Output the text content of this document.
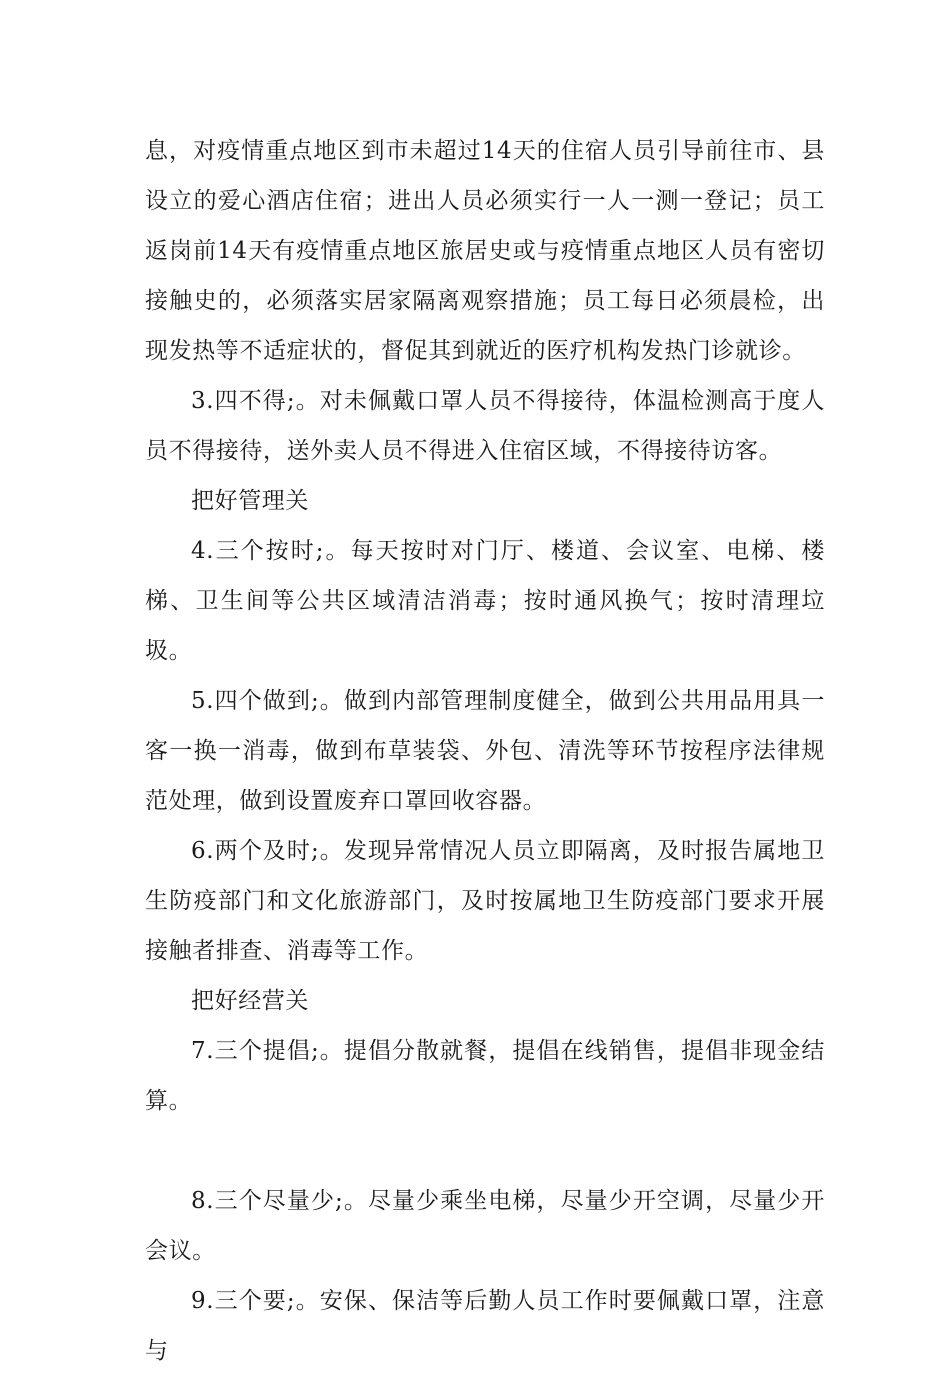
息，对疫情重点地区到市未超过14天的住宿人员引导前往市、县设立的爱心酒店住宿；进出人员必须实行一人一测一登记；员工返岗前14天有疫情重点地区旅居史或与疫情重点地区人员有密切接触史的，必须落实居家隔离观察措施；员工每日必须晨检，出现发热等不适症状的，督促其到就近的医疗机构发热门诊就诊。

3.四不得;。对未佩戴口罩人员不得接待，体温检测高于度人员不得接待，送外卖人员不得进入住宿区域，不得接待访客。

把好管理关

4.三个按时;。每天按时对门厅、楼道、会议室、电梯、楼梯、卫生间等公共区域清洁消毒；按时通风换气；按时清理垃圾。

5.四个做到;。做到内部管理制度健全，做到公共用品用具一客一换一消毒，做到布草装袋、外包、清洗等环节按程序法律规范处理，做到设置废弃口罩回收容器。

6.两个及时;。发现异常情况人员立即隔离，及时报告属地卫生防疫部门和文化旅游部门，及时按属地卫生防疫部门要求开展接触者排查、消毒等工作。

把好经营关

7.三个提倡;。提倡分散就餐，提倡在线销售，提倡非现金结算。

8.三个尽量少;。尽量少乘坐电梯，尽量少开空调，尽量少开会议。

9.三个要;。安保、保洁等后勤人员工作时要佩戴口罩，注意与
